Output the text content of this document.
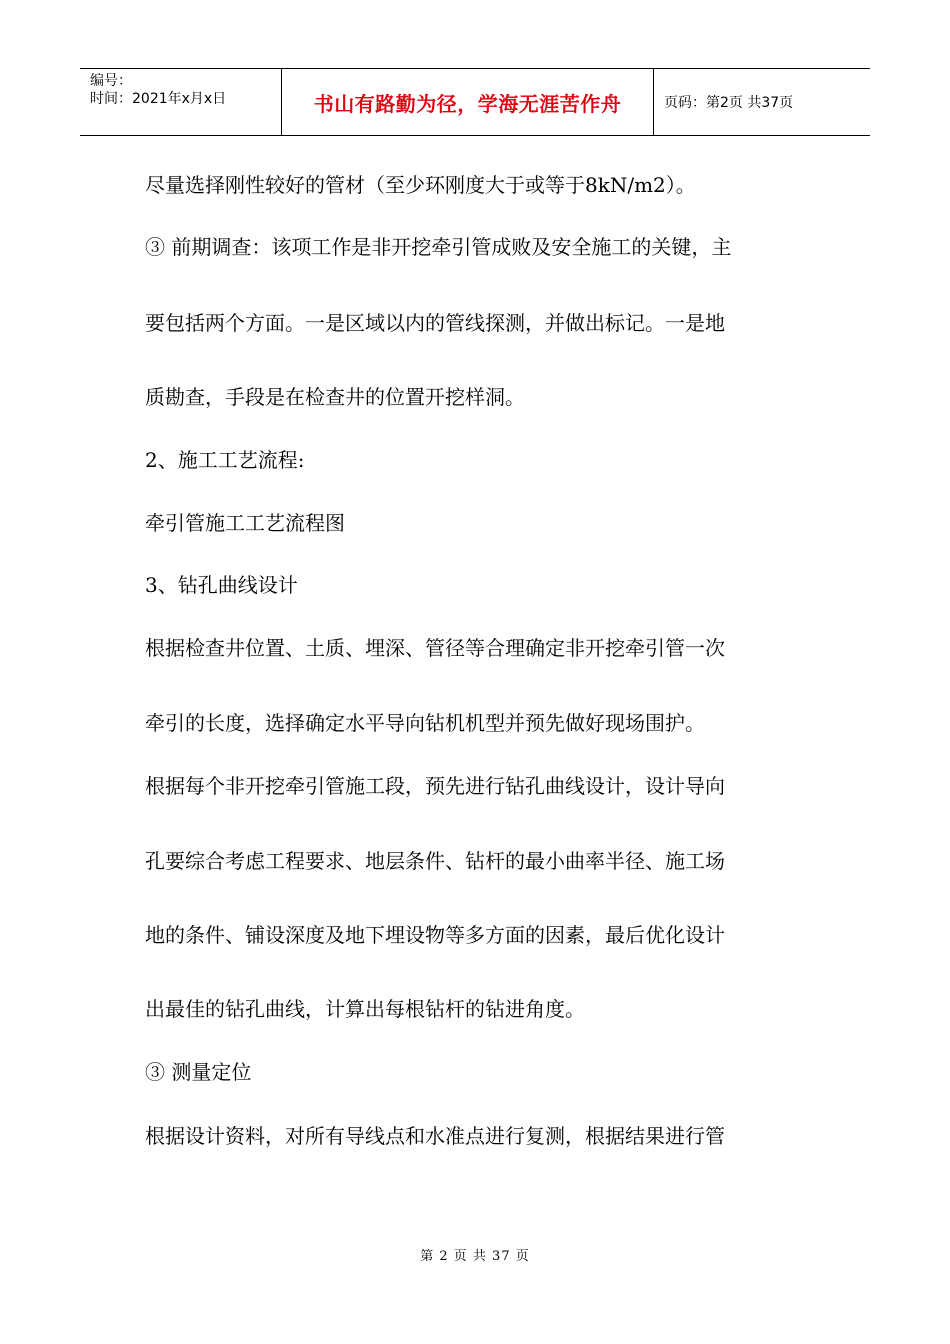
编号：
时间：2021年x月x日	书山有路勤为径，学海无涯苦作舟	页码：第2页 共37页
尽量选择刚性较好的管材（至少环刚度大于或等于8kN/m2）。
③ 前期调查：该项工作是非开挖牵引管成败及安全施工的关键，主
要包括两个方面。一是区域以内的管线探测，并做出标记。一是地
质勘查，手段是在检查井的位置开挖样洞。
2、施工工艺流程:
牵引管施工工艺流程图
3、钻孔曲线设计
根据检查井位置、土质、埋深、管径等合理确定非开挖牵引管一次
牵引的长度，选择确定水平导向钻机机型并预先做好现场围护。
根据每个非开挖牵引管施工段，预先进行钻孔曲线设计，设计导向
孔要综合考虑工程要求、地层条件、钻杆的最小曲率半径、施工场
地的条件、铺设深度及地下埋设物等多方面的因素，最后优化设计
出最佳的钻孔曲线，计算出每根钻杆的钻进角度。
③ 测量定位
根据设计资料，对所有导线点和水准点进行复测，根据结果进行管
第 2 页 共 37 页
